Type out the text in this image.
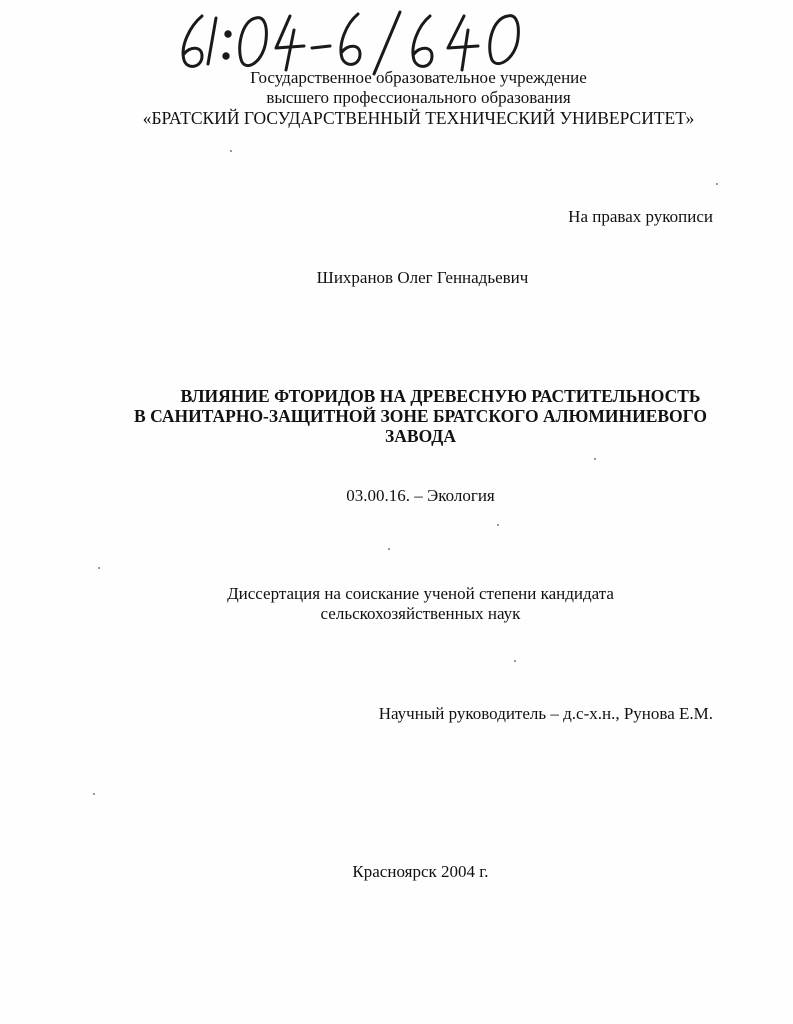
Государственное образовательное учреждение
высшего профессионального образования
«БРАТСКИЙ ГОСУДАРСТВЕННЫЙ ТЕХНИЧЕСКИЙ УНИВЕРСИТЕТ»
На правах рукописи
Шихранов Олег Геннадьевич
ВЛИЯНИЕ ФТОРИДОВ НА ДРЕВЕСНУЮ РАСТИТЕЛЬНОСТЬ
В САНИТАРНО-ЗАЩИТНОЙ ЗОНЕ БРАТСКОГО АЛЮМИНИЕВОГО
ЗАВОДА
03.00.16. – Экология
Диссертация на соискание ученой степени кандидата
сельскохозяйственных наук
Научный руководитель – д.с-х.н., Рунова Е.М.
Красноярск 2004 г.
